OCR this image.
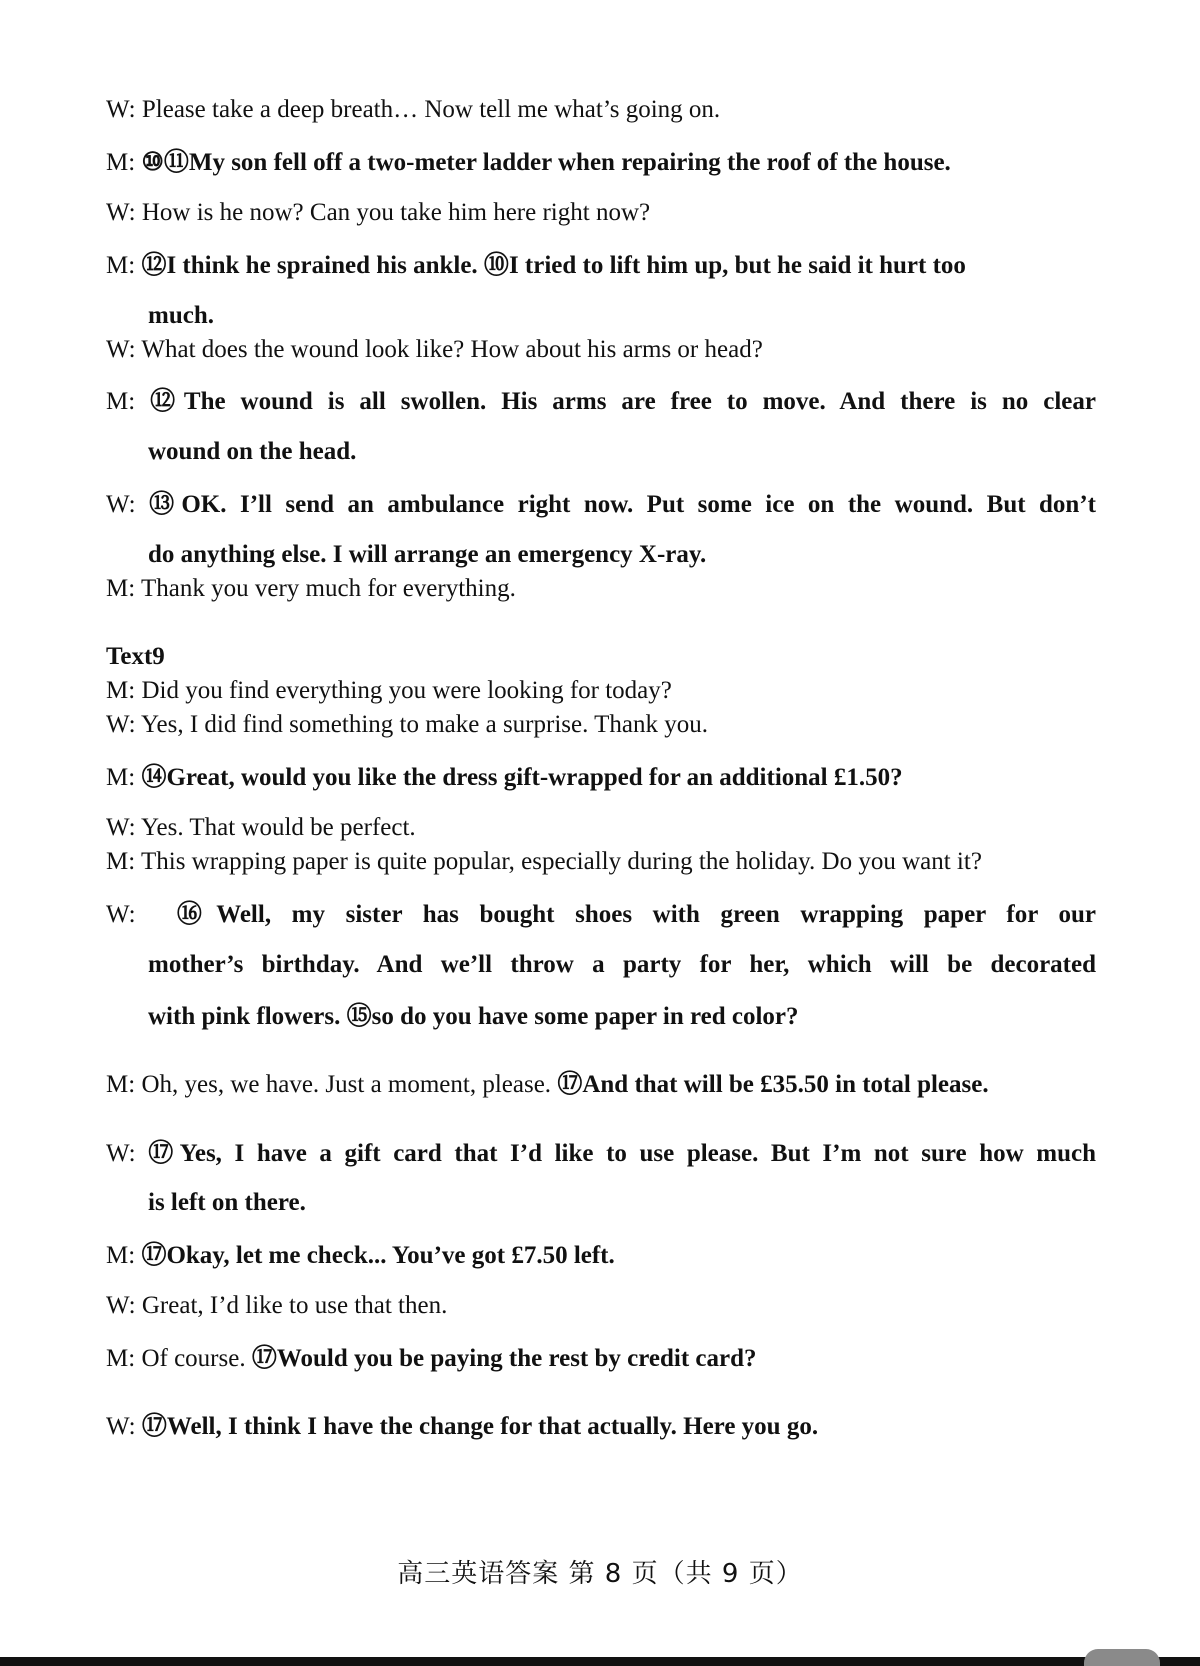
W: Please take a deep breath… Now tell me what’s going on.
M: ⑩⑪My son fell off a two-meter ladder when repairing the roof of the house.
W: How is he now? Can you take him here right now?
M: ⑫I think he sprained his ankle. ⑩I tried to lift him up, but he said it hurt too
much.
W: What does the wound look like? How about his arms or head?
M: ⑫The wound is all swollen. His arms are free to move. And there is no clear
wound on the head.
W: ⑬OK. I’ll send an ambulance right now. Put some ice on the wound. But don’t
do anything else. I will arrange an emergency X-ray.
M: Thank you very much for everything.
Text9
M: Did you find everything you were looking for today?
W: Yes, I did find something to make a surprise. Thank you.
M: ⑭Great, would you like the dress gift-wrapped for an additional £1.50?
W: Yes. That would be perfect.
M: This wrapping paper is quite popular, especially during the holiday. Do you want it?
W:  ⑯Well, my sister has bought shoes with green wrapping paper for our
mother’s birthday. And we’ll throw a party for her, which will be decorated
with pink flowers. ⑮so do you have some paper in red color?
M: Oh, yes, we have. Just a moment, please. ⑰And that will be £35.50 in total please.
W: ⑰Yes, I have a gift card that I’d like to use please. But I’m not sure how much
is left on there.
M: ⑰Okay, let me check... You’ve got £7.50 left.
W: Great, I’d like to use that then.
M: Of course. ⑰Would you be paying the rest by credit card?
W: ⑰Well, I think I have the change for that actually. Here you go.
高三英语答案 第 8 页（共 9 页）
